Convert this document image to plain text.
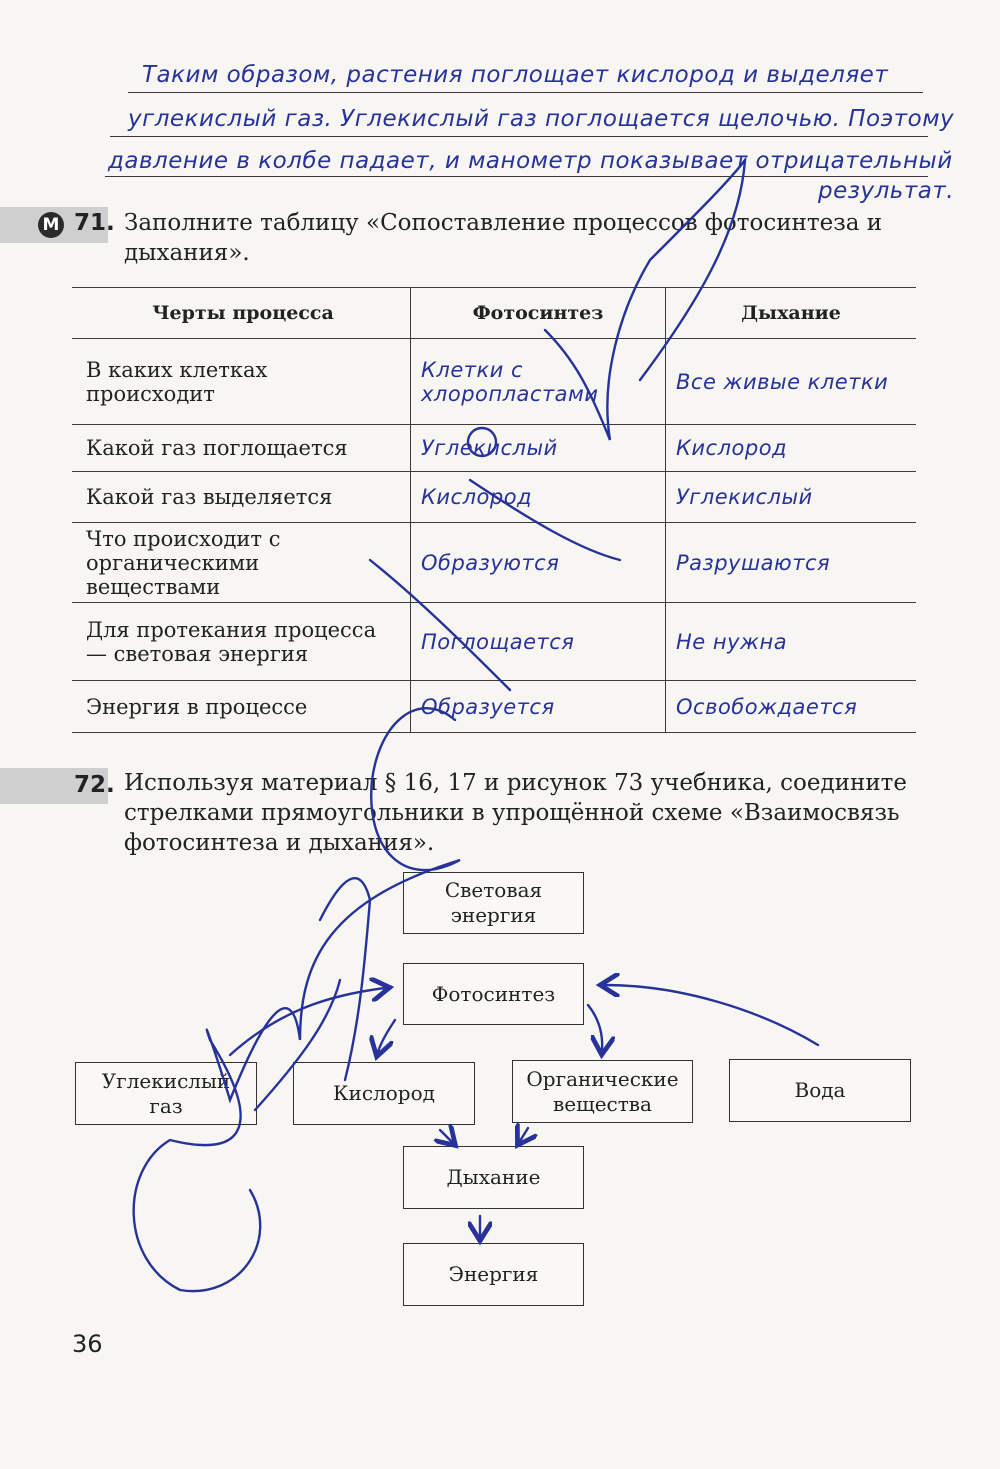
Таким образом, растения поглощает кислород и выделяет
углекислый газ. Углекислый газ поглощается щелочью. Поэтому
давление в колбе падает, и манометр показывает отрицательный
результат.
М 71. Заполните таблицу «Сопоставление процессов фотосинтеза и
дыхания».
Черты процесса	Фотосинтез	Дыхание
В каких клетках происходит	Клетки с хлоропластами	Все живые клетки

Какой газ поглощается	Углекислый	Кислород

Какой газ выделяется	Кислород	Углекислый

Что происходит с органическими веществами	Образуются	Разрушаются

Для протекания процесса — световая энергия	Поглощается	Не нужна

Энергия в процессе	Образуется	Освобождается
72. Используя материал § 16, 17 и рисунок 73 учебника, соедините
стрелками прямоугольники в упрощённой схеме «Взаимосвязь
фотосинтеза и дыхания».
Световая энергия
Фотосинтез
Углекислый газ
Кислород
Органические вещества
Вода
Дыхание
Энергия
36
